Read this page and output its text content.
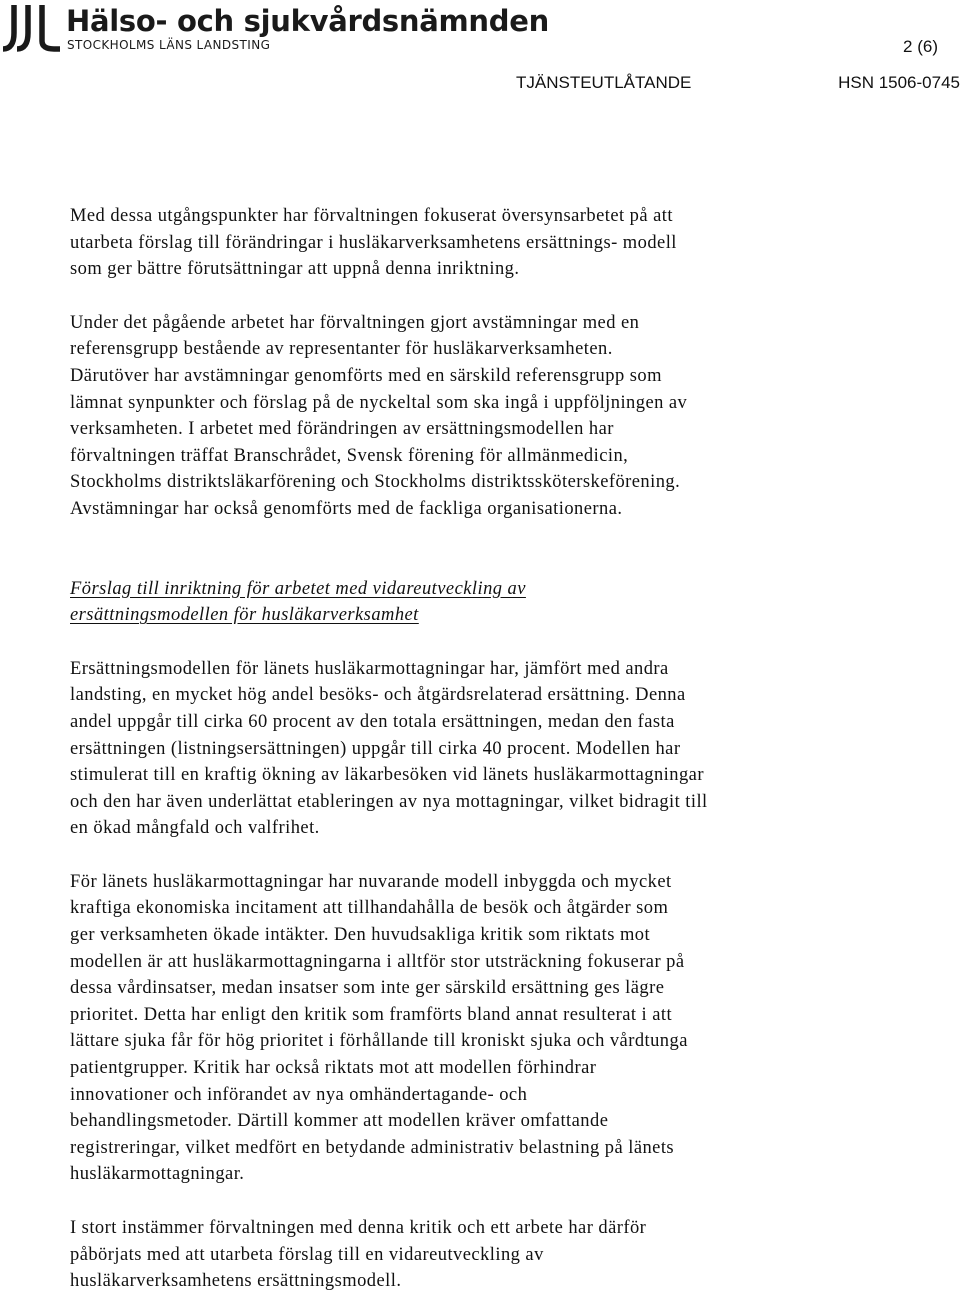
Hälso- och sjukvårdsnämnden
STOCKHOLMS LÄNS LANDSTING	2 (6)
TJÄNSTEUTLÅTANDE	HSN 1506-0745

Med dessa utgångspunkter har förvaltningen fokuserat översynsarbetet på att
utarbeta förslag till förändringar i husläkarverksamhetens ersättnings- modell
som ger bättre förutsättningar att uppnå denna inriktning.

Under det pågående arbetet har förvaltningen gjort avstämningar med en
referensgrupp bestående av representanter för husläkarverksamheten.
Därutöver har avstämningar genomförts med en särskild referensgrupp som
lämnat synpunkter och förslag på de nyckeltal som ska ingå i uppföljningen av
verksamheten. I arbetet med förändringen av ersättningsmodellen har
förvaltningen träffat Branschrådet, Svensk förening för allmänmedicin,
Stockholms distriktsläkarförening och Stockholms distriktssköterskeförening.
Avstämningar har också genomförts med de fackliga organisationerna.

Förslag till inriktning för arbetet med vidareutveckling av
ersättningsmodellen för husläkarverksamhet

Ersättningsmodellen för länets husläkarmottagningar har, jämfört med andra
landsting, en mycket hög andel besöks- och åtgärdsrelaterad ersättning. Denna
andel uppgår till cirka 60 procent av den totala ersättningen, medan den fasta
ersättningen (listningsersättningen) uppgår till cirka 40 procent. Modellen har
stimulerat till en kraftig ökning av läkarbesöken vid länets husläkarmottagningar
och den har även underlättat etableringen av nya mottagningar, vilket bidragit till
en ökad mångfald och valfrihet.

För länets husläkarmottagningar har nuvarande modell inbyggda och mycket
kraftiga ekonomiska incitament att tillhandahålla de besök och åtgärder som
ger verksamheten ökade intäkter. Den huvudsakliga kritik som riktats mot
modellen är att husläkarmottagningarna i alltför stor utsträckning fokuserar på
dessa vårdinsatser, medan insatser som inte ger särskild ersättning ges lägre
prioritet. Detta har enligt den kritik som framförts bland annat resulterat i att
lättare sjuka får för hög prioritet i förhållande till kroniskt sjuka och vårdtunga
patientgrupper. Kritik har också riktats mot att modellen förhindrar
innovationer och införandet av nya omhändertagande- och
behandlingsmetoder. Därtill kommer att modellen kräver omfattande
registreringar, vilket medfört en betydande administrativ belastning på länets
husläkarmottagningar.

I stort instämmer förvaltningen med denna kritik och ett arbete har därför
påbörjats med att utarbeta förslag till en vidareutveckling av
husläkarverksamhetens ersättningsmodell.
